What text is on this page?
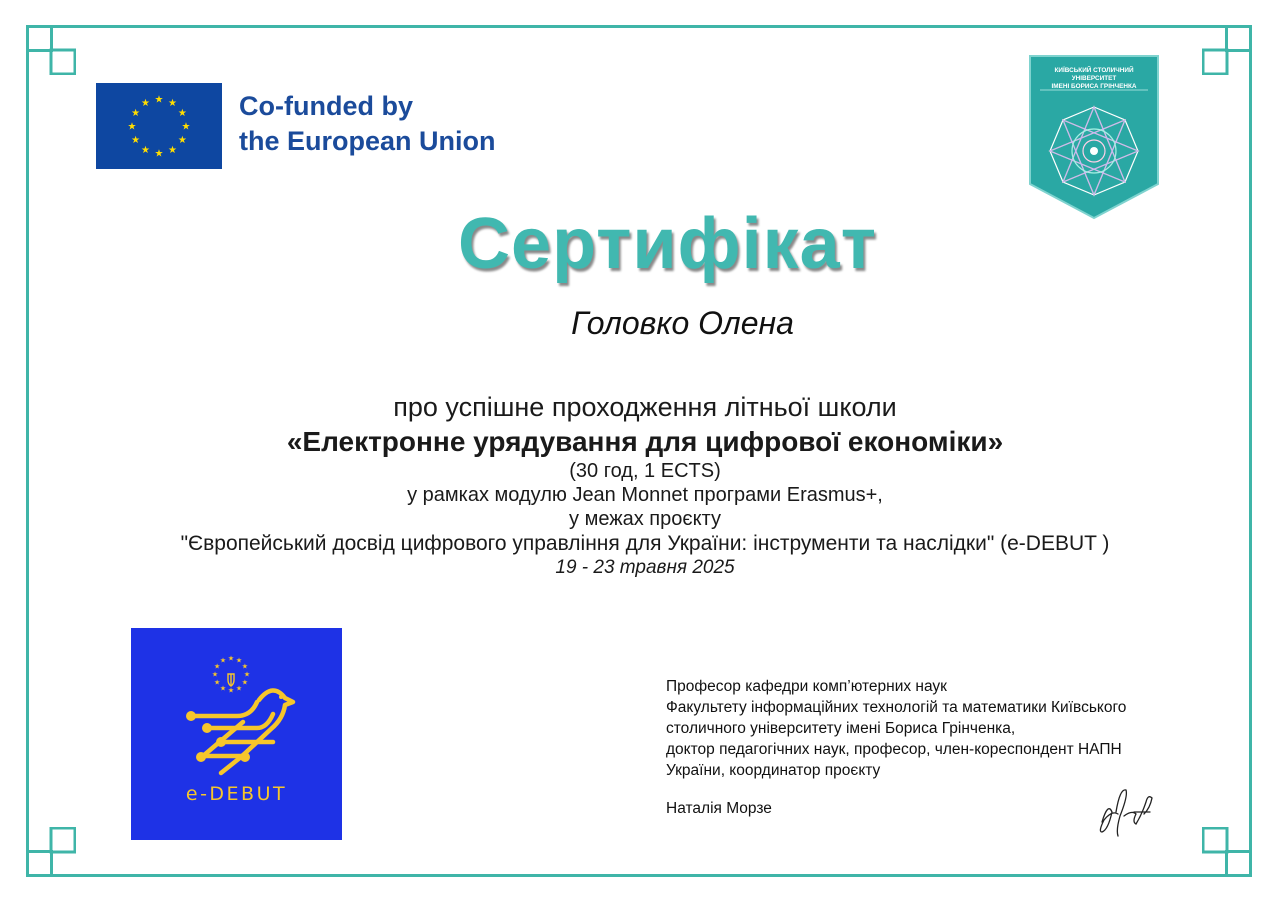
★ ★
★
★
★
★
★
★
★
★
★
★	Co-funded by
the European Union
КИЇВСЬКИЙ СТОЛИЧНИЙ УНІВЕРСИТЕТ
ІМЕНІ БОРИСА ГРІНЧЕНКА
Сертифікат
Головко Олена
про успішне проходження літньої школи
«Електронне урядування для цифрової економіки»
(30 год, 1 ECTS)
у рамках модулю Jean Monnet програми Erasmus+,
у межах проєкту
"Європейський досвід цифрового управління для України: інструменти та наслідки" (e-DEBUT )
19 - 23 травня 2025
★ ★
★
★
★
★
★
★
★
★
★
★
e-DEBUT
Професор кафедри комп’ютерних наук
Факультету інформаційних технологій та математики Київського
столичного університету імені Бориса Грінченка,
доктор педагогічних наук, професор, член-кореспондент НАПН
України, координатор проєкту
Наталія Морзе
